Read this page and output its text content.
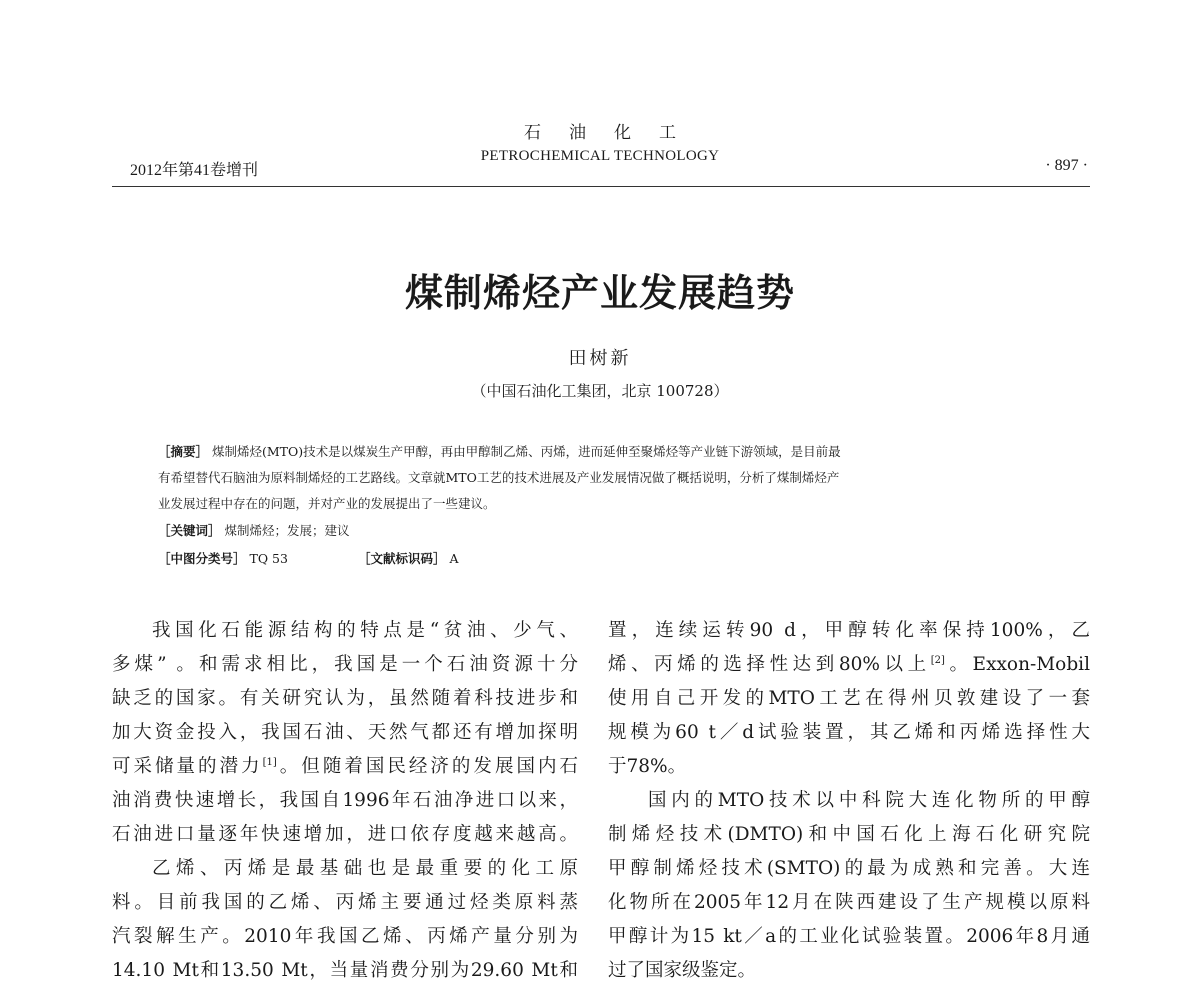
石油化工
PETROCHEMICAL TECHNOLOGY
2012年第41卷增刊	· 897 ·
煤制烯烃产业发展趋势
田树新
（中国石油化工集团，北京 100728）
［摘要］ 煤制烯烃(MTO)技术是以煤炭生产甲醇，再由甲醇制乙烯、丙烯，进而延伸至聚烯烃等产业链下游领域，是目前最
有希望替代石脑油为原料制烯烃的工艺路线。文章就MTO工艺的技术进展及产业发展情况做了概括说明，分析了煤制烯烃产
业发展过程中存在的问题，并对产业的发展提出了一些建议。
［关键词］ 煤制烯烃；发展；建议
［中图分类号］ TQ 53	［文献标识码］ A
我国化石能源结构的特点是“贫油、少气、
多煤” 。和需求相比，我国是一个石油资源十分
缺乏的国家。有关研究认为，虽然随着科技进步和
加大资金投入，我国石油、天然气都还有增加探明
可采储量的潜力[1]。但随着国民经济的发展国内石
油消费快速增长，我国自1996年石油净进口以来，
石油进口量逐年快速增加，进口依存度越来越高。
乙烯、丙烯是最基础也是最重要的化工原
料。目前我国的乙烯、丙烯主要通过烃类原料蒸
汽裂解生产。2010年我国乙烯、丙烯产量分别为
14.10 Mt和13.50 Mt，当量消费分别为29.60 Mt和
置，连续运转90 d，甲醇转化率保持100%，乙
烯、丙烯的选择性达到80%以上[2]。Exxon-Mobil
使用自己开发的MTO工艺在得州贝敦建设了一套
规模为60 t／d试验装置，其乙烯和丙烯选择性大
于78%。
国内的MTO技术以中科院大连化物所的甲醇
制烯烃技术(DMTO)和中国石化上海石化研究院
甲醇制烯烃技术(SMTO)的最为成熟和完善。大连
化物所在2005年12月在陕西建设了生产规模以原料
甲醇计为15 kt／a的工业化试验装置。2006年8月通
过了国家级鉴定。
